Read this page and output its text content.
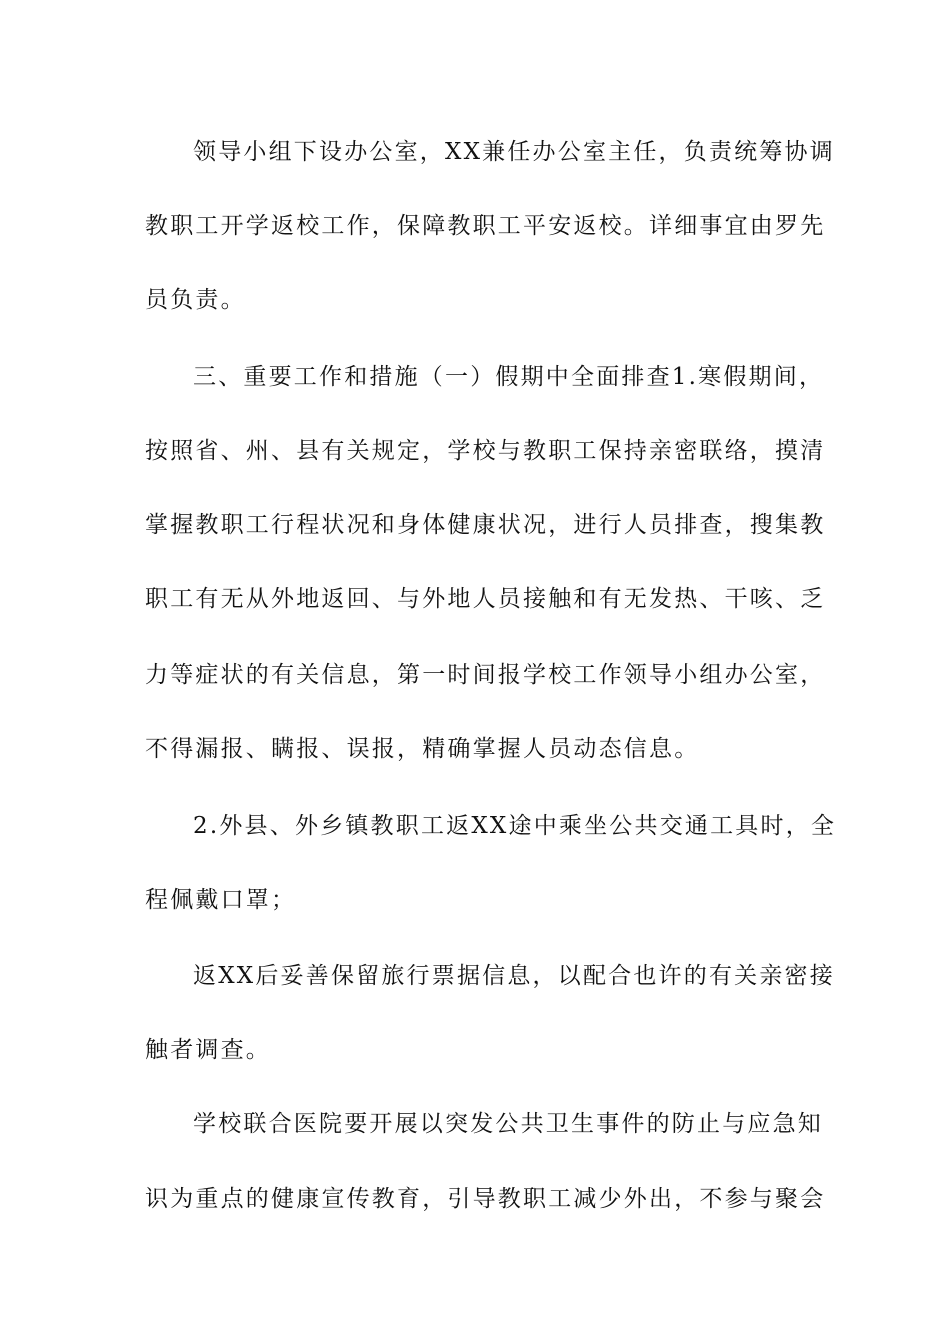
领导小组下设办公室，XX兼任办公室主任，负责统筹协调

教职工开学返校工作，保障教职工平安返校。详细事宜由罗先

员负责。

三、重要工作和措施（一）假期中全面排查1.寒假期间，

按照省、州、县有关规定，学校与教职工保持亲密联络，摸清

掌握教职工行程状况和身体健康状况，进行人员排查，搜集教

职工有无从外地返回、与外地人员接触和有无发热、干咳、乏

力等症状的有关信息，第一时间报学校工作领导小组办公室，

不得漏报、瞒报、误报，精确掌握人员动态信息。

2.外县、外乡镇教职工返XX途中乘坐公共交通工具时，全

程佩戴口罩；

返XX后妥善保留旅行票据信息，以配合也许的有关亲密接

触者调查。

学校联合医院要开展以突发公共卫生事件的防止与应急知

识为重点的健康宣传教育，引导教职工减少外出，不参与聚会
